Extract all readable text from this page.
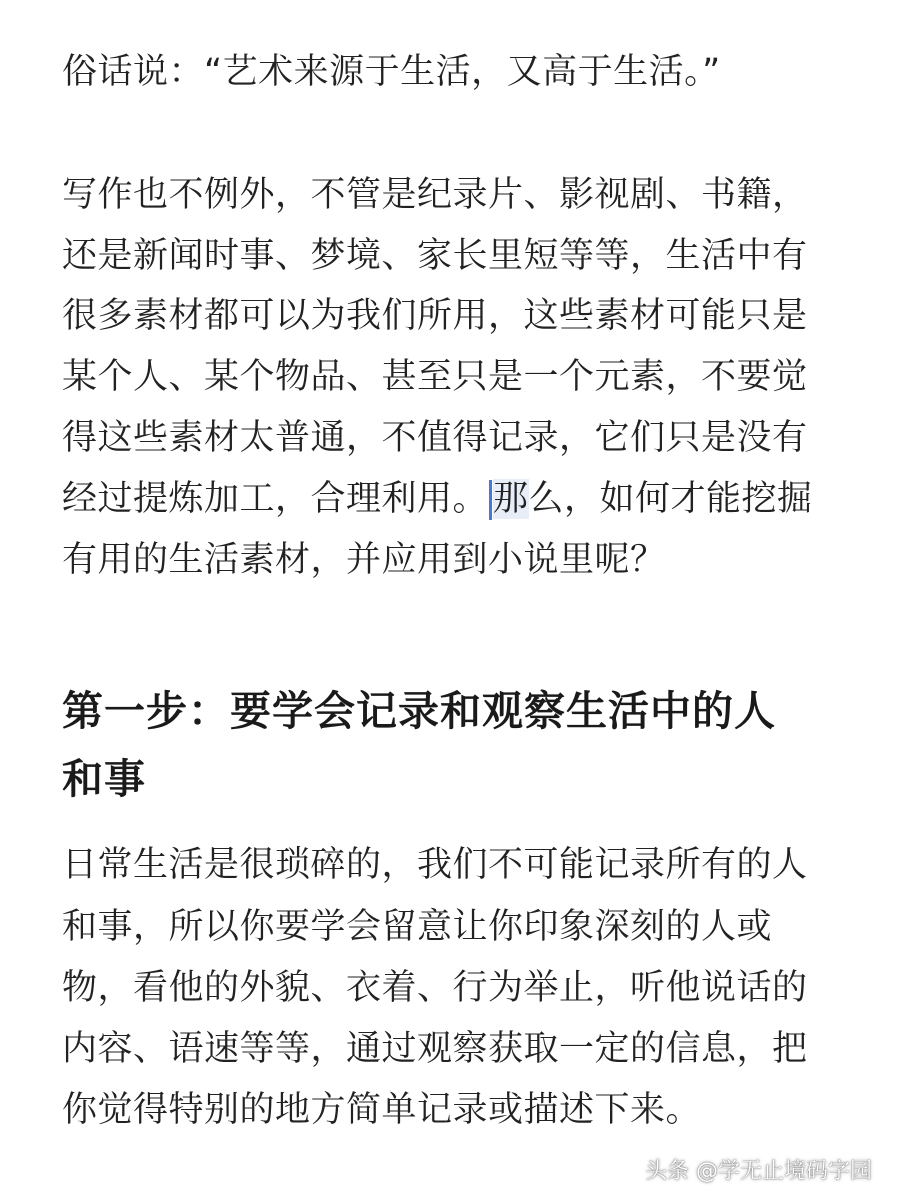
俗话说：“艺术来源于生活，又高于生活。”
写作也不例外，不管是纪录片、影视剧、书籍，
还是新闻时事、梦境、家长里短等等，生活中有
很多素材都可以为我们所用，这些素材可能只是
某个人、某个物品、甚至只是一个元素，不要觉
得这些素材太普通，不值得记录，它们只是没有
经过提炼加工，合理利用。 那么，如何才能挖掘
有用的生活素材，并应用到小说里呢？
第一步：要学会记录和观察生活中的人
和事
日常生活是很琐碎的，我们不可能记录所有的人
和事，所以你要学会留意让你印象深刻的人或
物，看他的外貌、衣着、行为举止，听他说话的
内容、语速等等，通过观察获取一定的信息，把
你觉得特别的地方简单记录或描述下来。
头条 @学无止境码字园
